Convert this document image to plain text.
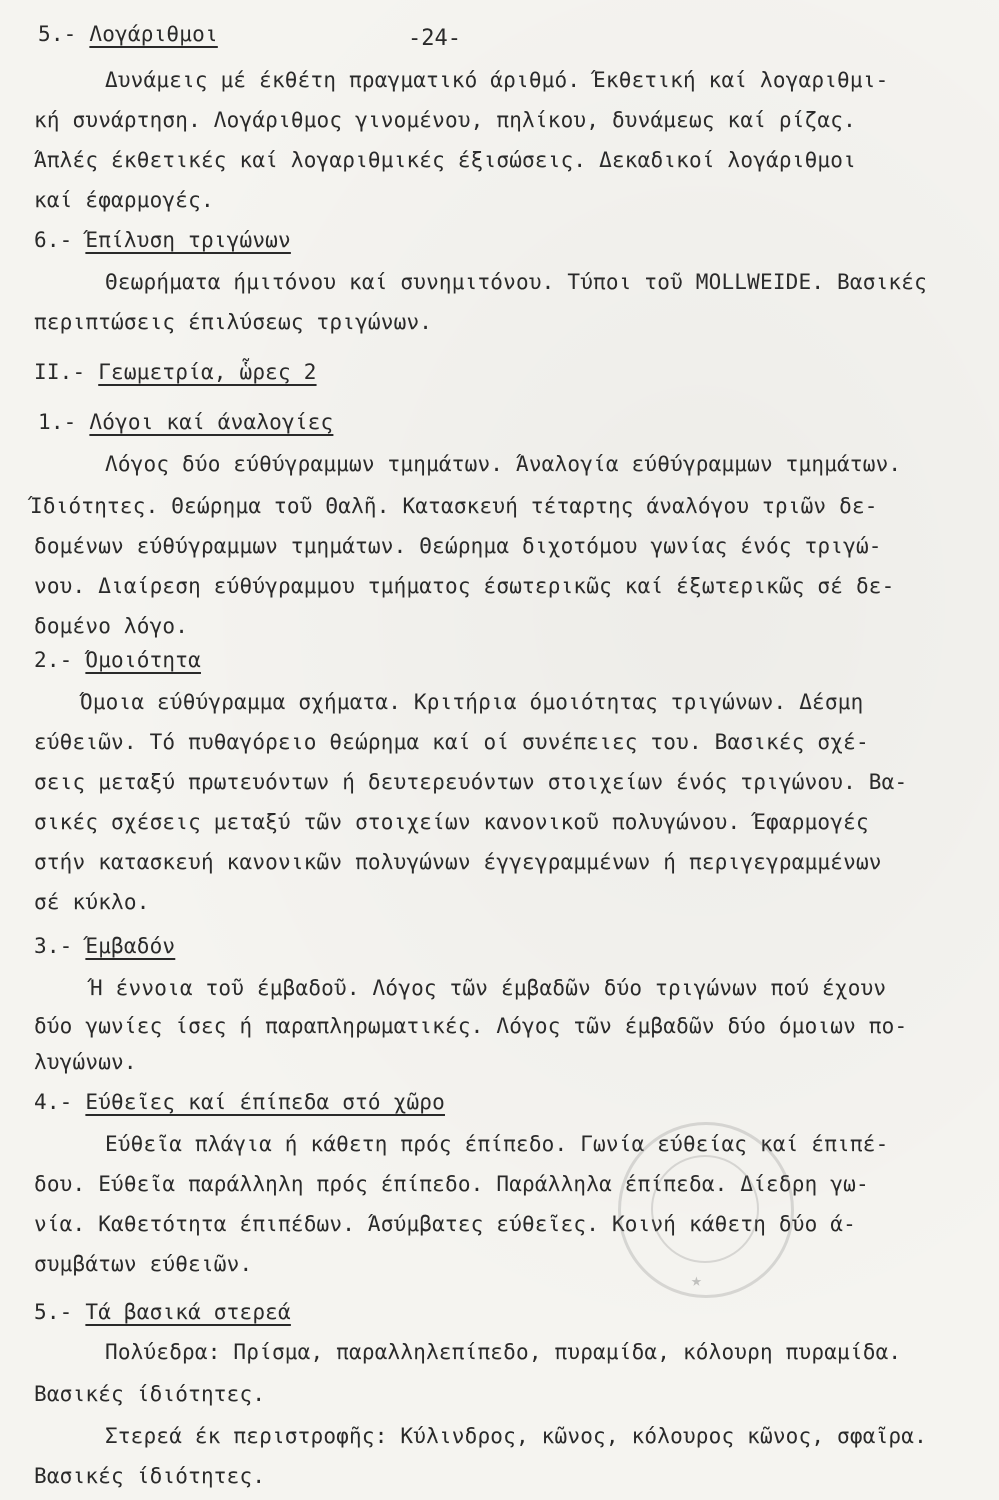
-24-
5.- Λογάριθμοι
Δυνάμεις μέ έκθέτη πραγματικό άριθμό. Έκθετική καί λογαριθμι-
κή συνάρτηση. Λογάριθμος γινομένου, πηλίκου, δυνάμεως καί ρίζας.
Άπλές έκθετικές καί λογαριθμικές έξισώσεις. Δεκαδικοί λογάριθμοι
καί έφαρμογές.
6.- Έπίλυση τριγώνων
Θεωρήματα ήμιτόνου καί συνημιτόνου. Τύποι τοῦ MOLLWEIDE. Βασικές
περιπτώσεις έπιλύσεως τριγώνων.
II.- Γεωμετρία, ὧρες 2
1.- Λόγοι καί άναλογίες
Λόγος δύο εύθύγραμμων τμημάτων. Άναλογία εύθύγραμμων τμημάτων.
Ίδιότητες. Θεώρημα τοῦ Θαλῆ. Κατασκευή τέταρτης άναλόγου τριῶν δε-
δομένων εύθύγραμμων τμημάτων. Θεώρημα διχοτόμου γωνίας ένός τριγώ-
νου. Διαίρεση εύθύγραμμου τμήματος έσωτερικῶς καί έξωτερικῶς σέ δε-
δομένο λόγο.
2.- Όμοιότητα
Όμοια εύθύγραμμα σχήματα. Κριτήρια όμοιότητας τριγώνων. Δέσμη
εύθειῶν. Τό πυθαγόρειο θεώρημα καί οί συνέπειες του. Βασικές σχέ-
σεις μεταξύ πρωτευόντων ή δευτερευόντων στοιχείων ένός τριγώνου. Βα-
σικές σχέσεις μεταξύ τῶν στοιχείων κανονικοῦ πολυγώνου. Έφαρμογές
στήν κατασκευή κανονικῶν πολυγώνων έγγεγραμμένων ή περιγεγραμμένων
σέ κύκλο.
3.- Έμβαδόν
Ή έννοια τοῦ έμβαδοῦ. Λόγος τῶν έμβαδῶν δύο τριγώνων πού έχουν
δύο γωνίες ίσες ή παραπληρωματικές. Λόγος τῶν έμβαδῶν δύο όμοιων πο-
λυγώνων.
4.- Εύθεῖες καί έπίπεδα στό χῶρο
Εύθεῖα πλάγια ή κάθετη πρός έπίπεδο. Γωνία εύθείας καί έπιπέ-
δου. Εύθεῖα παράλληλη πρός έπίπεδο. Παράλληλα έπίπεδα. Δίεδρη γω-
νία. Καθετότητα έπιπέδων. Άσύμβατες εύθεῖες. Κοινή κάθετη δύο ά-
συμβάτων εύθειῶν.
5.- Τά βασικά στερεά
Πολύεδρα: Πρίσμα, παραλληλεπίπεδο, πυραμίδα, κόλουρη πυραμίδα.
Βασικές ίδιότητες.
Στερεά έκ περιστροφῆς: Κύλινδρος, κῶνος, κόλουρος κῶνος, σφαῖρα.
Βασικές ίδιότητες.
★
